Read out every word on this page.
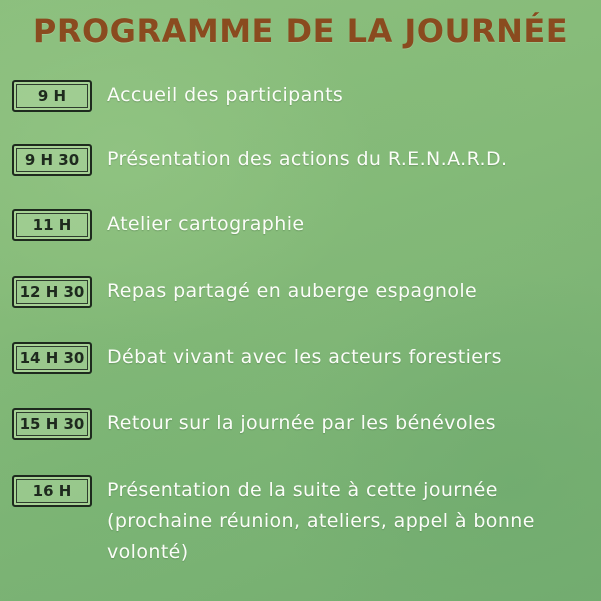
PROGRAMME DE LA JOURNÉE
9 H	Accueil des participants
9 H 30	Présentation des actions du R.E.N.A.R.D.
11 H	Atelier cartographie
12 H 30	Repas partagé en auberge espagnole
14 H 30	Débat vivant avec les acteurs forestiers
15 H 30	Retour sur la journée par les bénévoles
16 H	Présentation de la suite à cette journée (prochaine réunion, ateliers, appel à bonne volonté)
